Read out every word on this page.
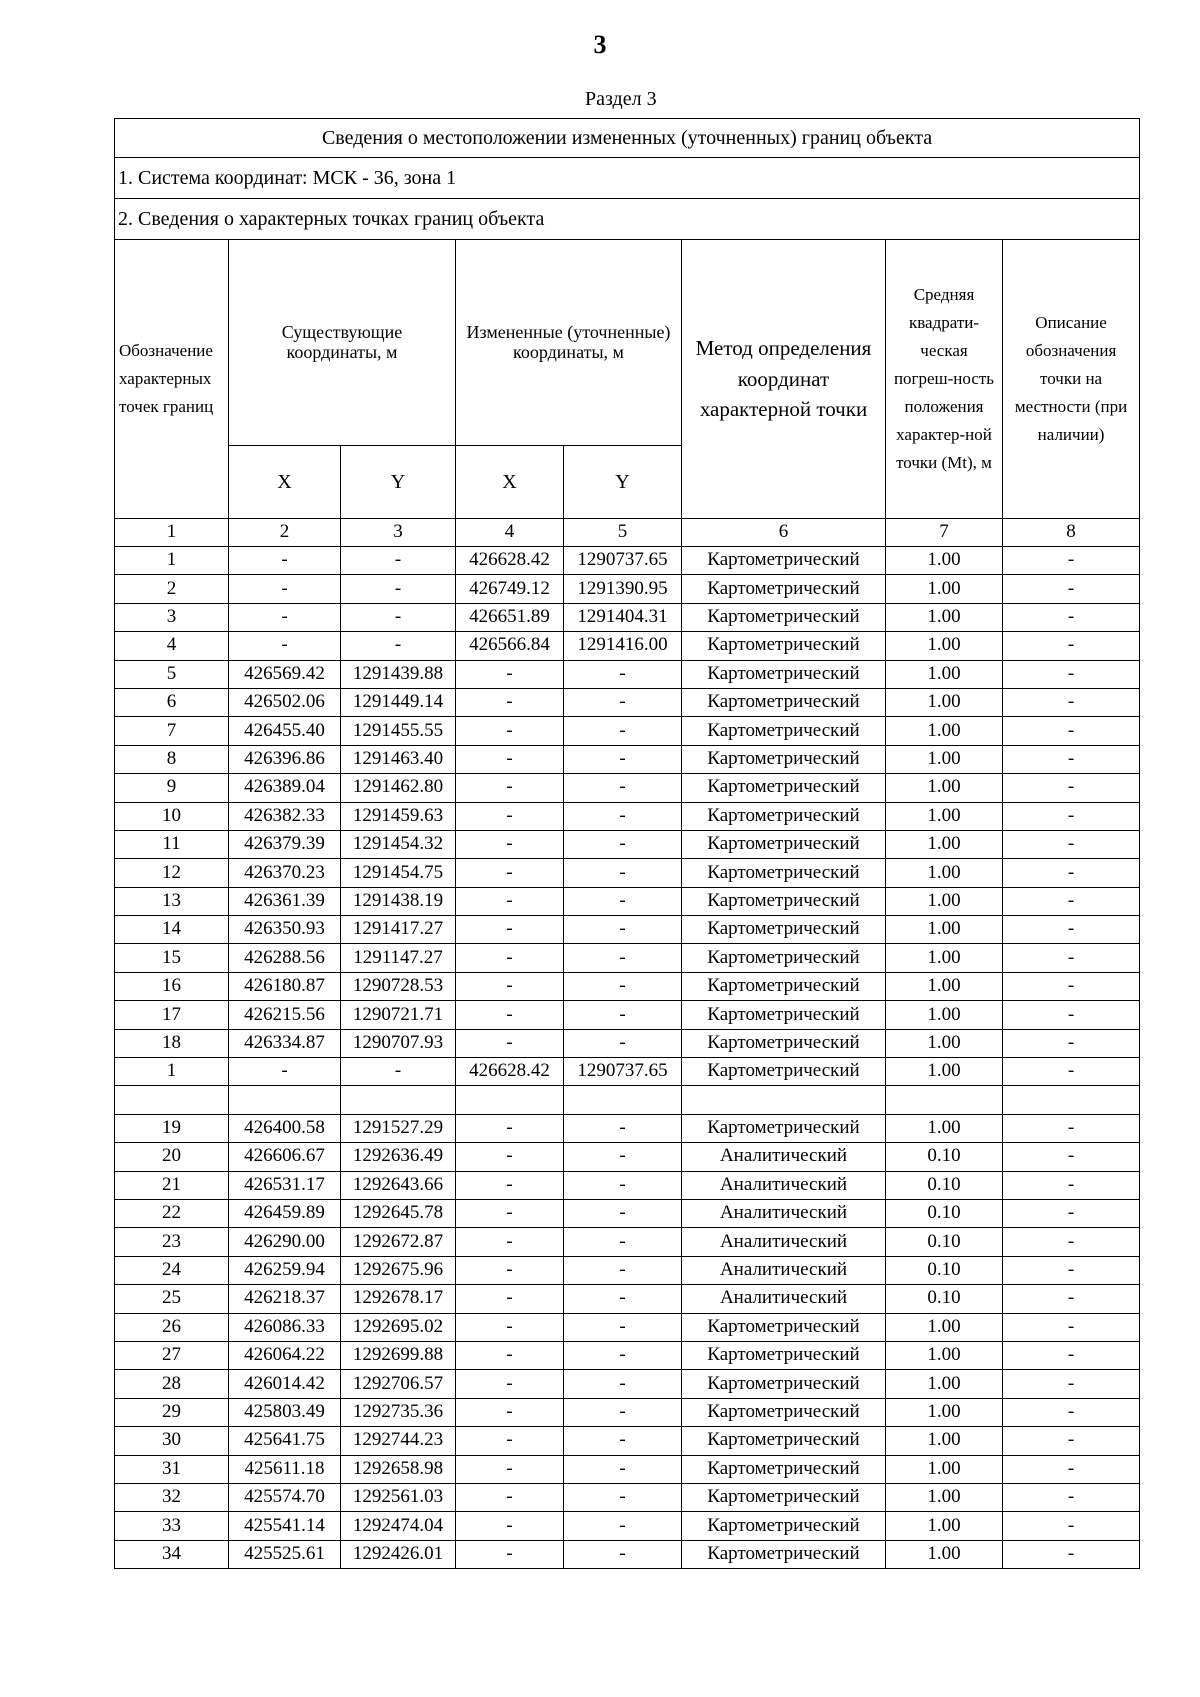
3
Раздел 3
Сведения о местоположении измененных (уточненных) границ объекта							
1. Система координат: МСК - 36, зона 1							
2. Сведения о характерных точках границ объекта							
Обозначение характерных точек границ	Существующие координаты, м		Измененные (уточненные) координаты, м		Метод определения координат характерной точки	Средняя квадрати-ческая погреш-ность положения характер-ной точки (Mt), м	Описание обозначения точки на местности (при наличии)
	X	Y	X	Y			
1	2	3	4	5	6	7	8
1	-	-	426628.42	1290737.65	Картометрический	1.00	-
2	-	-	426749.12	1291390.95	Картометрический	1.00	-
3	-	-	426651.89	1291404.31	Картометрический	1.00	-
4	-	-	426566.84	1291416.00	Картометрический	1.00	-
5	426569.42	1291439.88	-	-	Картометрический	1.00	-
6	426502.06	1291449.14	-	-	Картометрический	1.00	-
7	426455.40	1291455.55	-	-	Картометрический	1.00	-
8	426396.86	1291463.40	-	-	Картометрический	1.00	-
9	426389.04	1291462.80	-	-	Картометрический	1.00	-
10	426382.33	1291459.63	-	-	Картометрический	1.00	-
11	426379.39	1291454.32	-	-	Картометрический	1.00	-
12	426370.23	1291454.75	-	-	Картометрический	1.00	-
13	426361.39	1291438.19	-	-	Картометрический	1.00	-
14	426350.93	1291417.27	-	-	Картометрический	1.00	-
15	426288.56	1291147.27	-	-	Картометрический	1.00	-
16	426180.87	1290728.53	-	-	Картометрический	1.00	-
17	426215.56	1290721.71	-	-	Картометрический	1.00	-
18	426334.87	1290707.93	-	-	Картометрический	1.00	-
1	-	-	426628.42	1290737.65	Картометрический	1.00	-

19	426400.58	1291527.29	-	-	Картометрический	1.00	-
20	426606.67	1292636.49	-	-	Аналитический	0.10	-
21	426531.17	1292643.66	-	-	Аналитический	0.10	-
22	426459.89	1292645.78	-	-	Аналитический	0.10	-
23	426290.00	1292672.87	-	-	Аналитический	0.10	-
24	426259.94	1292675.96	-	-	Аналитический	0.10	-
25	426218.37	1292678.17	-	-	Аналитический	0.10	-
26	426086.33	1292695.02	-	-	Картометрический	1.00	-
27	426064.22	1292699.88	-	-	Картометрический	1.00	-
28	426014.42	1292706.57	-	-	Картометрический	1.00	-
29	425803.49	1292735.36	-	-	Картометрический	1.00	-
30	425641.75	1292744.23	-	-	Картометрический	1.00	-
31	425611.18	1292658.98	-	-	Картометрический	1.00	-
32	425574.70	1292561.03	-	-	Картометрический	1.00	-
33	425541.14	1292474.04	-	-	Картометрический	1.00	-
34	425525.61	1292426.01	-	-	Картометрический	1.00	-
